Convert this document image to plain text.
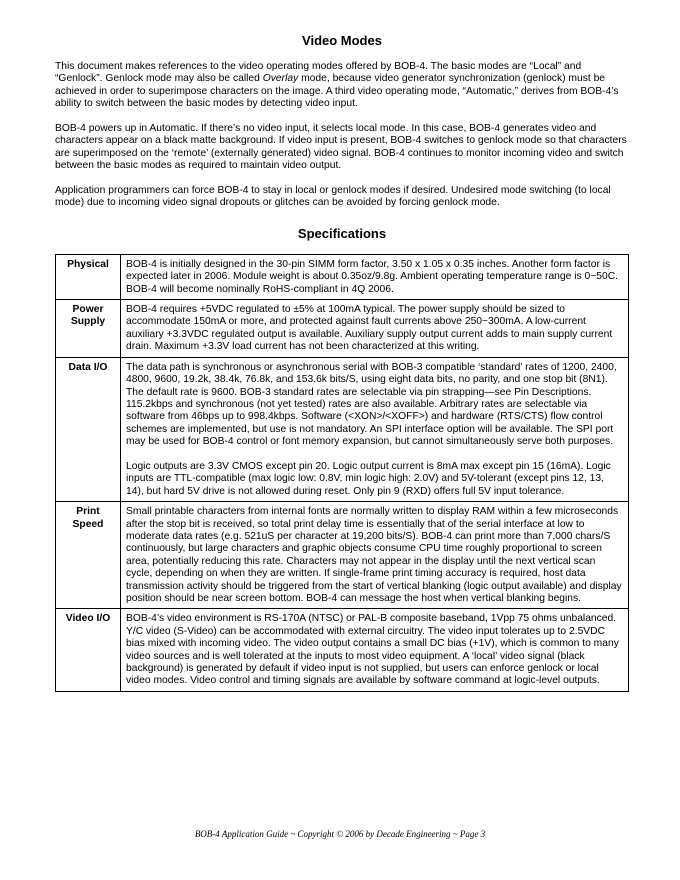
Video Modes

This document makes references to the video operating modes offered by BOB-4. The basic modes are “Local” and “Genlock”. Genlock mode may also be called Overlay mode, because video generator synchronization (genlock) must be achieved in order to superimpose characters on the image. A third video operating mode, “Automatic,” derives from BOB-4’s ability to switch between the basic modes by detecting video input.

BOB-4 powers up in Automatic. If there’s no video input, it selects local mode. In this case, BOB-4 generates video and characters appear on a black matte background. If video input is present, BOB-4 switches to genlock mode so that characters are superimposed on the ‘remote’ (externally generated) video signal. BOB-4 continues to monitor incoming video and switch between the basic modes as required to maintain video output.

Application programmers can force BOB-4 to stay in local or genlock modes if desired. Undesired mode switching (to local mode) due to incoming video signal dropouts or glitches can be avoided by forcing genlock mode.

Specifications
Physical	BOB-4 is initially designed in the 30-pin SIMM form factor, 3.50 x 1.05 x 0.35 inches. Another form factor is expected later in 2006. Module weight is about 0.35oz/9.8g. Ambient operating temperature range is 0~50C. BOB-4 will become nominally RoHS-compliant in 4Q 2006.

Power Supply	BOB-4 requires +5VDC regulated to ±5% at 100mA typical. The power supply should be sized to accommodate 150mA or more, and protected against fault currents above 250~300mA. A low-current auxiliary +3.3VDC regulated output is available. Auxiliary supply output current adds to main supply current drain. Maximum +3.3V load current has not been characterized at this writing.

Data I/O	The data path is synchronous or asynchronous serial with BOB-3 compatible ‘standard’ rates of 1200, 2400, 4800, 9600, 19.2k, 38.4k, 76.8k, and 153.6k bits/S, using eight data bits, no parity, and one stop bit (8N1). The default rate is 9600. BOB-3 standard rates are selectable via pin strapping—see Pin Descriptions. 115.2kbps and synchronous (not yet tested) rates are also available. Arbitrary rates are selectable via software from 46bps up to 998.4kbps. Software (<XON>/<XOFF>) and hardware (RTS/CTS) flow control schemes are implemented, but use is not mandatory. An SPI interface option will be available. The SPI port may be used for BOB-4 control or font memory expansion, but cannot simultaneously serve both purposes.

Logic outputs are 3.3V CMOS except pin 20. Logic output current is 8mA max except pin 15 (16mA). Logic inputs are TTL-compatible (max logic low: 0.8V, min logic high: 2.0V) and 5V-tolerant (except pins 12, 13, 14), but hard 5V drive is not allowed during reset. Only pin 9 (RXD) offers full 5V input tolerance.

Print Speed	Small printable characters from internal fonts are normally written to display RAM within a few microseconds after the stop bit is received, so total print delay time is essentially that of the serial interface at low to moderate data rates (e.g. 521uS per character at 19,200 bits/S). BOB-4 can print more than 7,000 chars/S continuously, but large characters and graphic objects consume CPU time roughly proportional to screen area, potentially reducing this rate. Characters may not appear in the display until the next vertical scan cycle, depending on when they are written. If single-frame print timing accuracy is required, host data transmission activity should be triggered from the start of vertical blanking (logic output available) and display position should be near screen bottom. BOB-4 can message the host when vertical blanking begins.

Video I/O	BOB-4’s video environment is RS-170A (NTSC) or PAL-B composite baseband, 1Vpp 75 ohms unbalanced. Y/C video (S-Video) can be accommodated with external circuitry. The video input tolerates up to 2.5VDC bias mixed with incoming video. The video output contains a small DC bias (+1V), which is common to many video sources and is well tolerated at the inputs to most video equipment. A ‘local’ video signal (black background) is generated by default if video input is not supplied, but users can enforce genlock or local video modes. Video control and timing signals are available by software command at logic-level outputs.

BOB-4 Application Guide ~ Copyright © 2006 by Decade Engineering ~ Page 3
